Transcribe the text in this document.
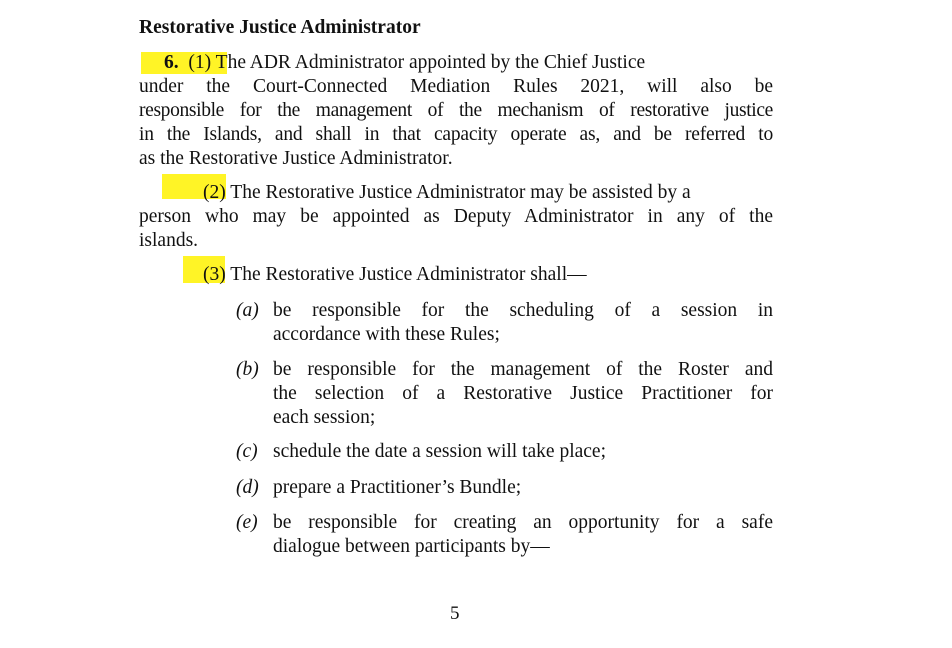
Restorative Justice Administrator
6. (1) The ADR Administrator appointed by the Chief Justice
under the Court-Connected Mediation Rules 2021, will also be
responsible for the management of the mechanism of restorative justice
in the Islands, and shall in that capacity operate as, and be referred to
as the Restorative Justice Administrator.
(2) The Restorative Justice Administrator may be assisted by a
person who may be appointed as Deputy Administrator in any of the
islands.
(3) The Restorative Justice Administrator shall—
(a) be responsible for the scheduling of a session in
accordance with these Rules;
(b) be responsible for the management of the Roster and
the selection of a Restorative Justice Practitioner for
each session;
(c) schedule the date a session will take place;
(d) prepare a Practitioner’s Bundle;
(e) be responsible for creating an opportunity for a safe
dialogue between participants by—
5
